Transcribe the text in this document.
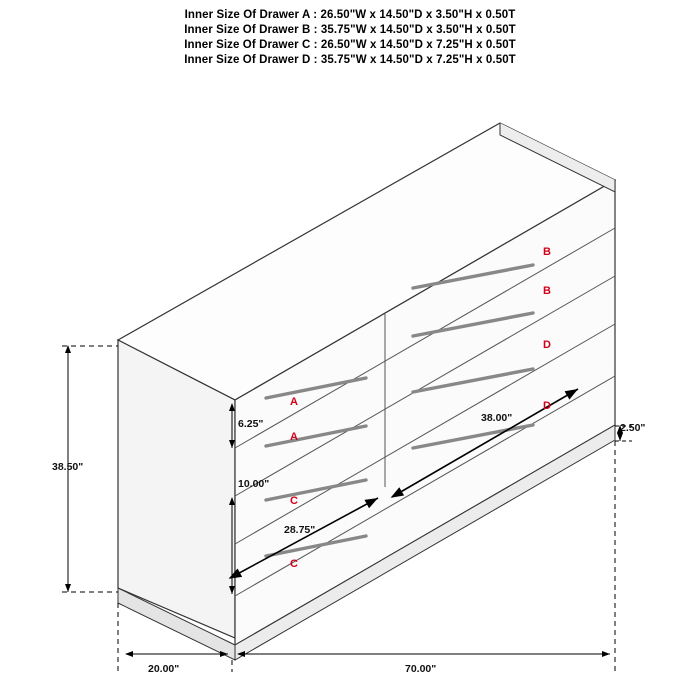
Inner Size Of Drawer A : 26.50"W x 14.50"D x 3.50"H x 0.50T
Inner Size Of Drawer B : 35.75"W x 14.50"D x 3.50"H x 0.50T
Inner Size Of Drawer C : 26.50"W x 14.50"D x 7.25"H x 0.50T
Inner Size Of Drawer D : 35.75"W x 14.50"D x 7.25"H x 0.50T
38.50"
6.25"
10.00"
2.50"
38.00"
28.75"
20.00"	70.00"
B
B
D
A	D
A
C
C
